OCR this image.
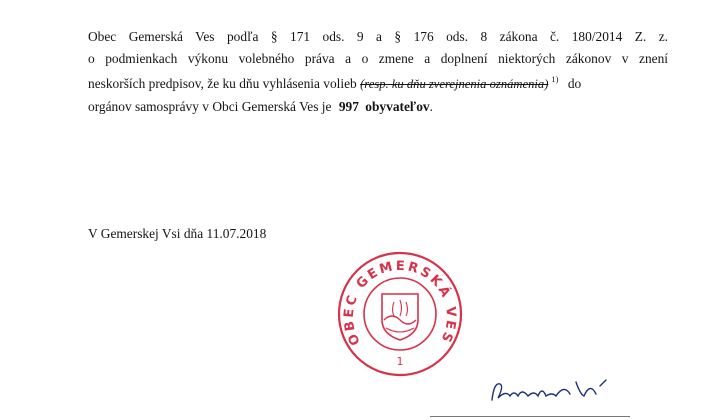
Obec Gemerská Ves podľa § 171 ods. 9 a § 176 ods. 8 zákona č. 180/2014 Z. z.
o podmienkach výkonu volebného práva a o zmene a doplnení niektorých zákonov v znení
neskorších predpisov, že ku dňu vyhlásenia volieb (resp. ku dňu zverejnenia oznámenia) $^{1)}$ do
orgánov samosprávy v Obci Gemerská Ves je 997 obyvateľov.
V Gemerskej Vsi dňa 11.07.2018
OBEC GEMERSKÁ VES
1
